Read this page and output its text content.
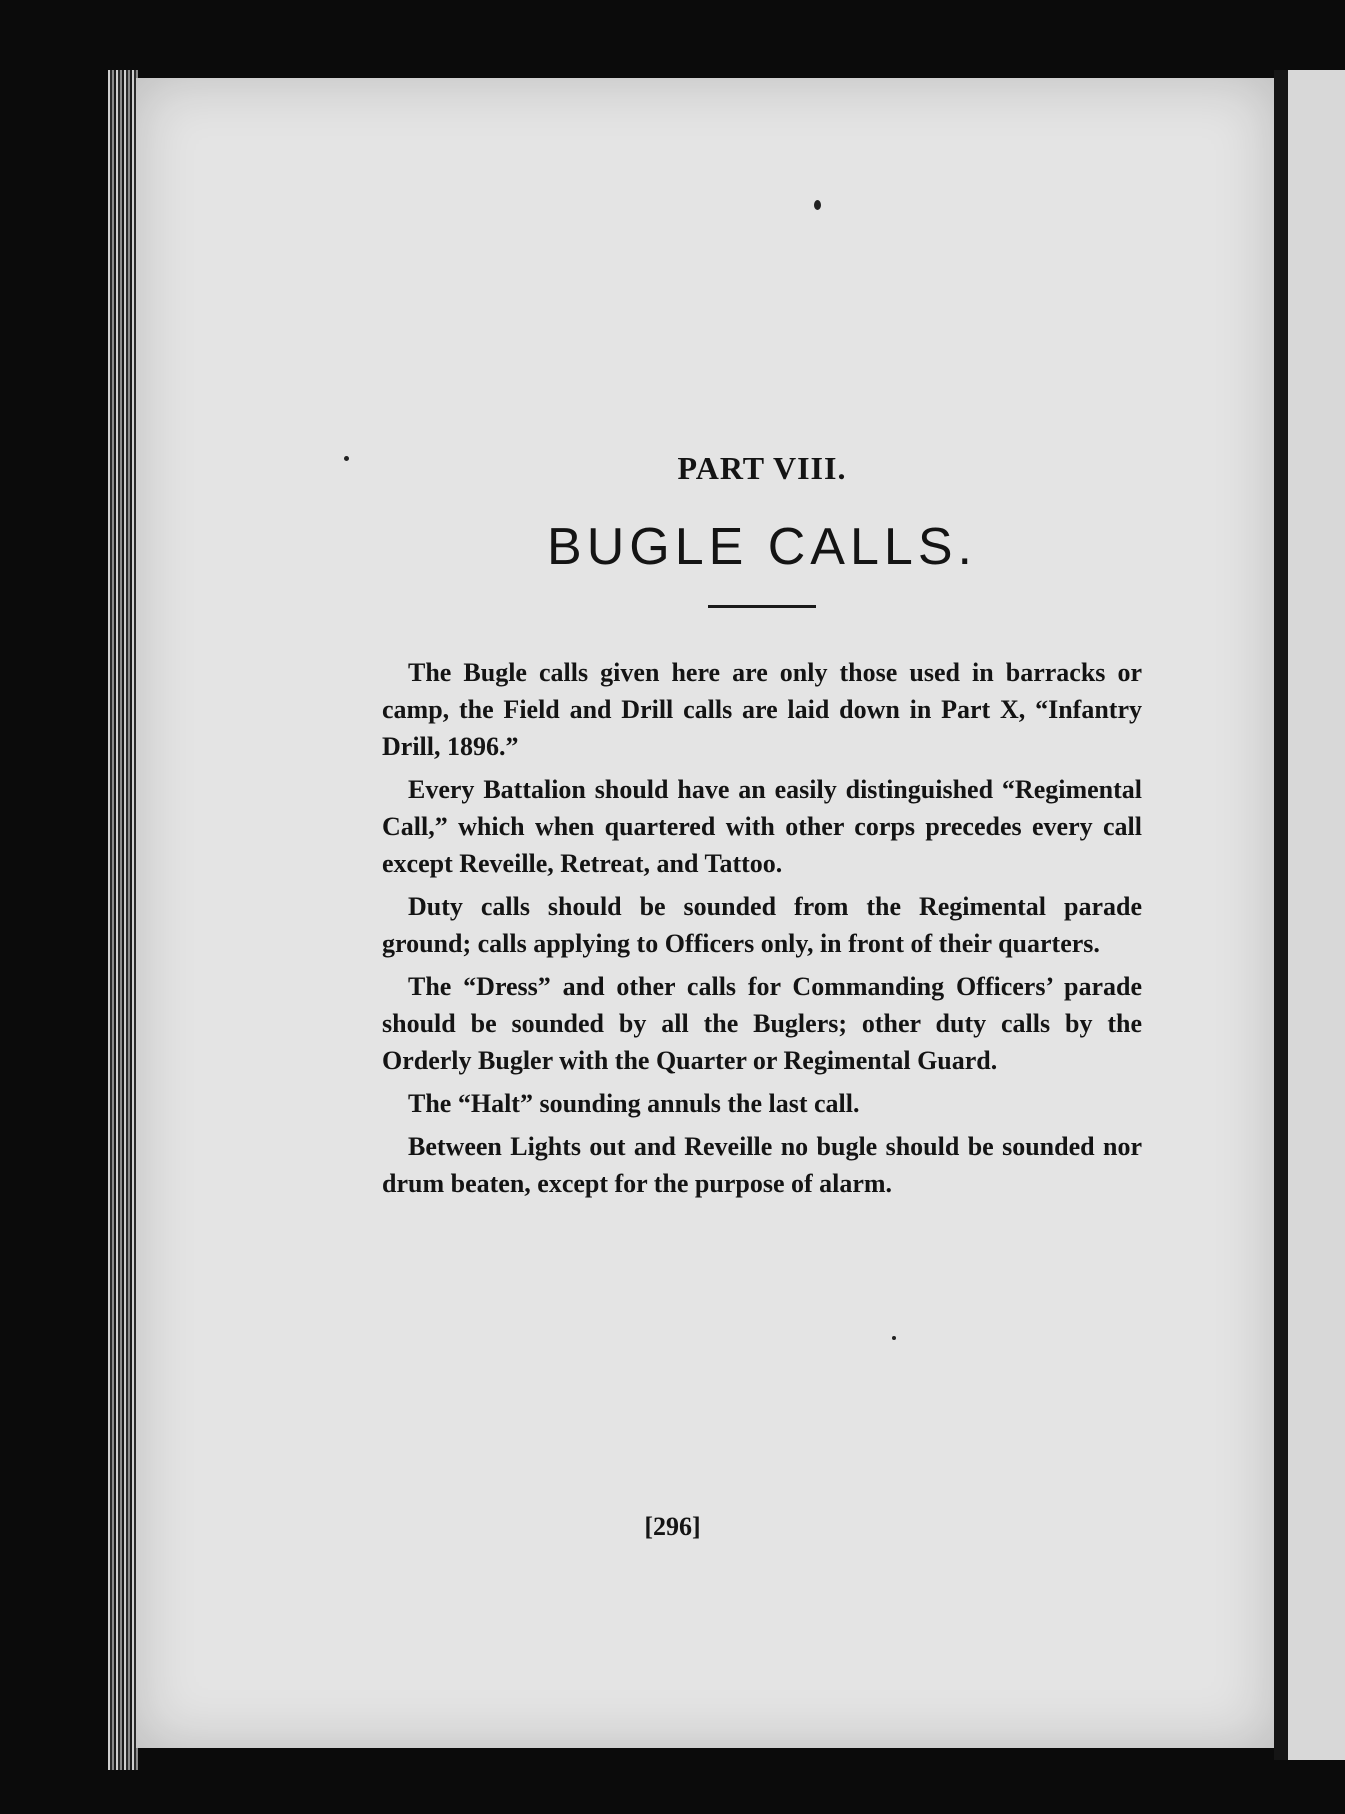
PART VIII.
BUGLE CALLS.

The Bugle calls given here are only those used in barracks or camp, the Field and Drill calls are laid down in Part X, “Infantry Drill, 1896.”

Every Battalion should have an easily distinguished “Regimental Call,” which when quartered with other corps precedes every call except Reveille, Retreat, and Tattoo.

Duty calls should be sounded from the Regimental parade ground; calls applying to Officers only, in front of their quarters.

The “Dress” and other calls for Commanding Officers’ parade should be sounded by all the Buglers; other duty calls by the Orderly Bugler with the Quarter or Regimental Guard.

The “Halt” sounding annuls the last call.

Between Lights out and Reveille no bugle should be sounded nor drum beaten, except for the purpose of alarm.

[296]
